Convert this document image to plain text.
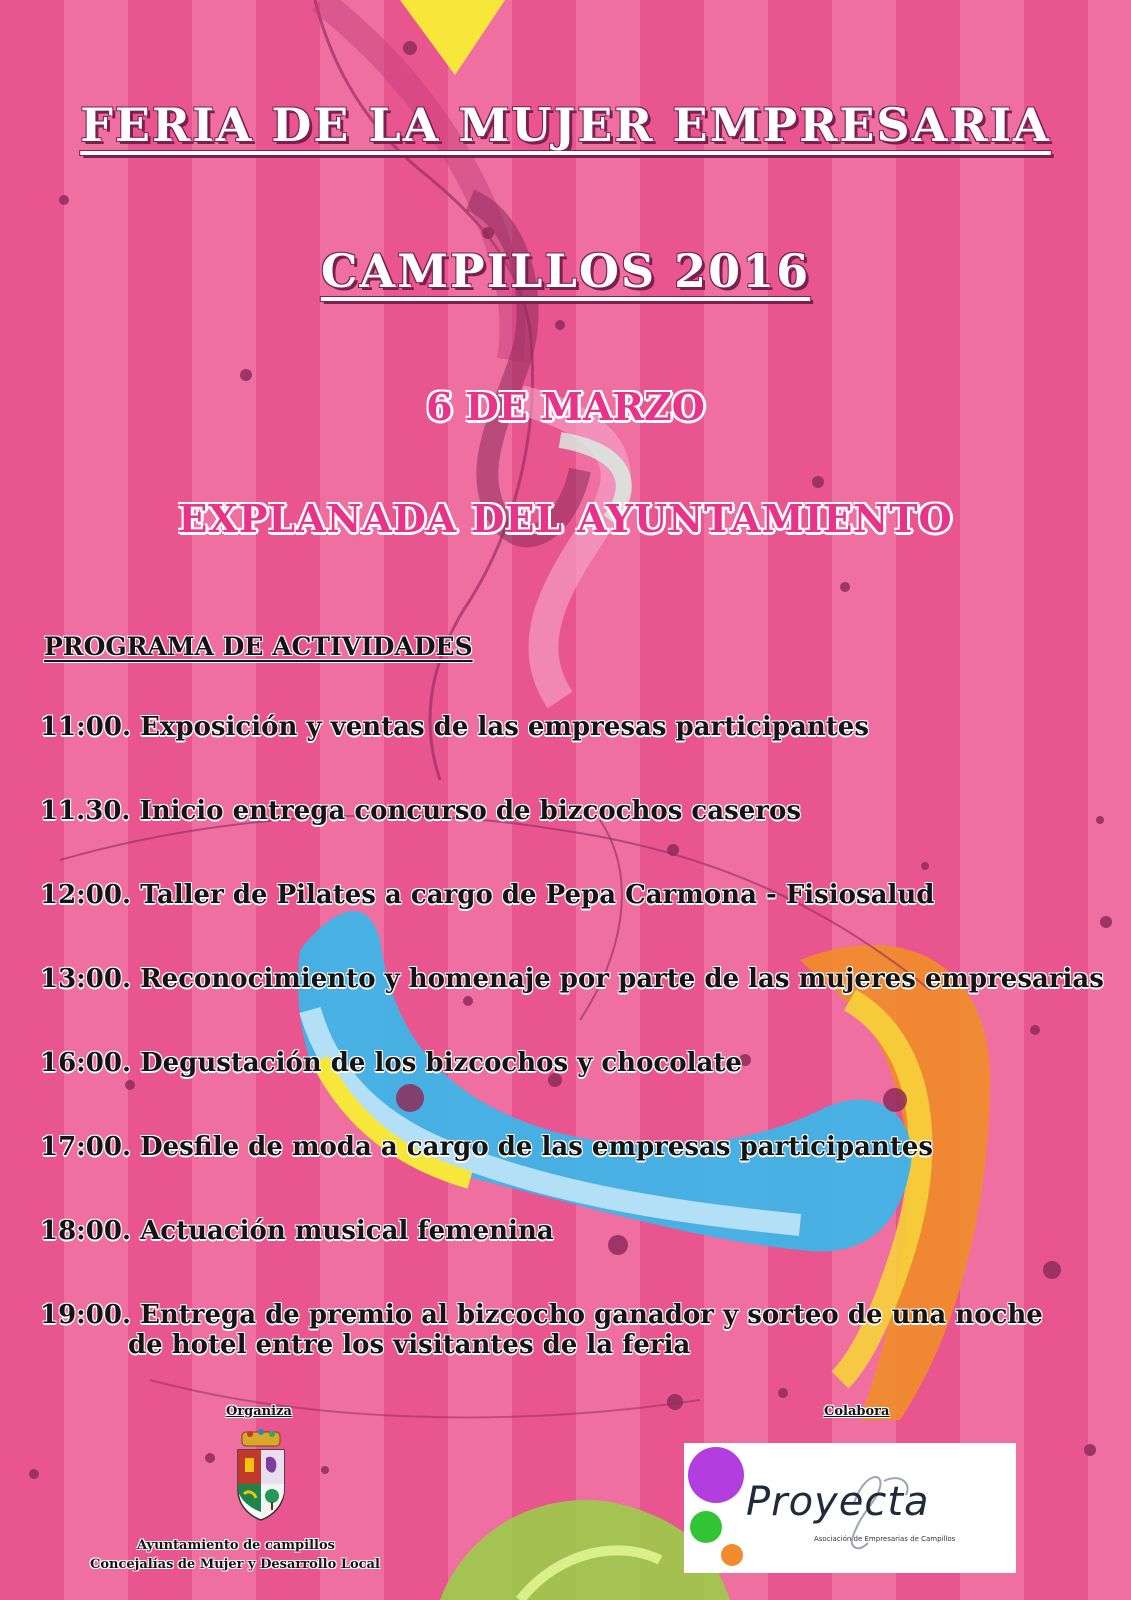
FERIA DE LA MUJER EMPRESARIA
CAMPILLOS 2016
6 DE MARZO
EXPLANADA DEL AYUNTAMIENTO
PROGRAMA DE ACTIVIDADES
11:00. Exposición y ventas de las empresas participantes
11.30. Inicio entrega concurso de bizcochos caseros
12:00. Taller de Pilates a cargo de Pepa Carmona - Fisiosalud
13:00. Reconocimiento y homenaje por parte de las mujeres empresarias
16:00. Degustación de los bizcochos y chocolate
17:00. Desfile de moda a cargo de las empresas participantes
18:00. Actuación musical femenina
19:00. Entrega de premio al bizcocho ganador y sorteo de una noche
de hotel entre los visitantes de la feria
Organiza	Colabora
Ayuntamiento de campillos
Concejalías de Mujer y Desarrollo Local
Proyecta
Asociación de Empresarias de Campillos
